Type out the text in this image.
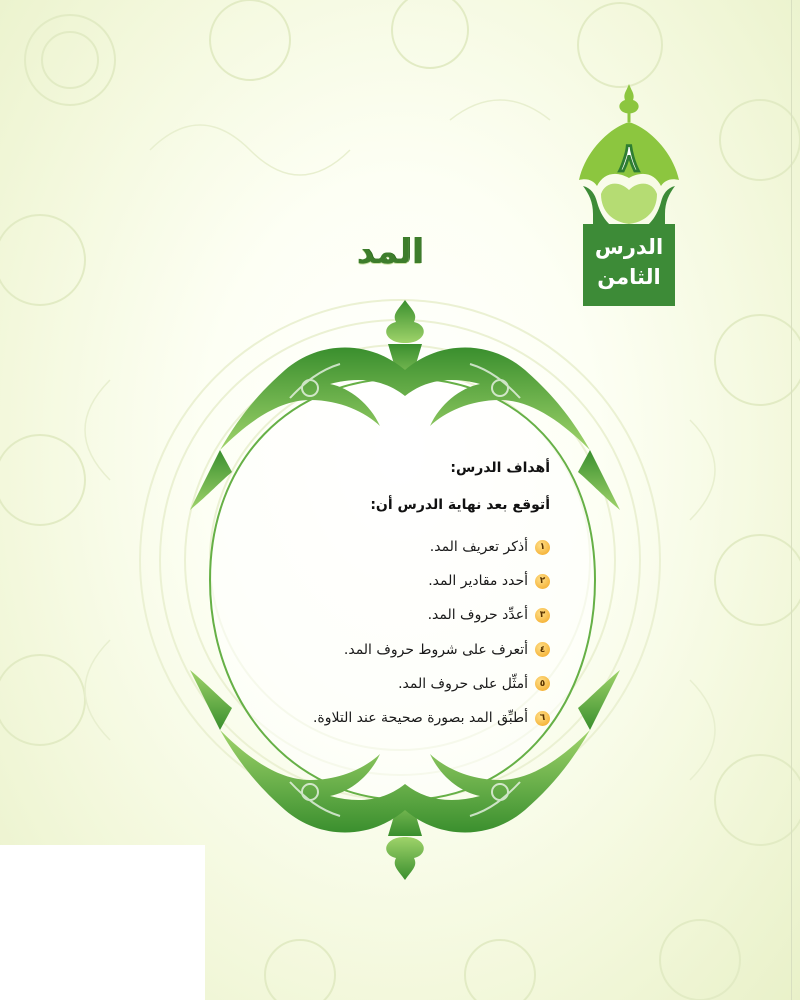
٨
الدرس
الثامن
المد
أهداف الدرس:
أتوقع بعد نهاية الدرس أن:
١
أذكر تعريف المد.
٢
أحدد مقادير المد.
٣
أعدِّد حروف المد.
٤
أتعرف على شروط حروف المد.
٥
أمثِّل على حروف المد.
٦
أطبِّق المد بصورة صحيحة عند التلاوة.
